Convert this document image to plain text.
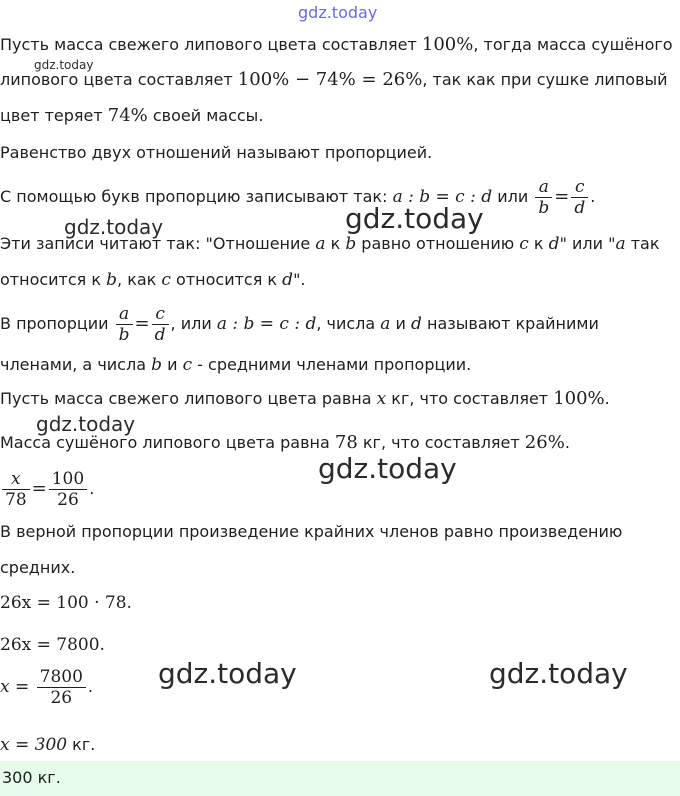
gdz.today
gdz.today
gdz.today	gdz.today
gdz.today
gdz.today
gdz.today	gdz.today
Пусть масса свежего липового цвета составляет 100%, тогда масса сушёного
липового цвета составляет 100% − 74% = 26%, так как при сушке липовый
цвет теряет 74% своей массы.
Равенство двух отношений называют пропорцией.
С помощью букв пропорцию записывают так: a : b = c : d или $\frac{a}{b} = \frac{c}{d}$ .
Эти записи читают так: "Отношение a к b равно отношению c к d" или "a так
относится к b, как c относится к d".
В пропорции $\frac{a}{b} = \frac{c}{d}$ , или a : b = c : d, числа a и d называют крайними
членами, а числа b и c - средними членами пропорции.
Пусть масса свежего липового цвета равна x кг, что составляет 100%.
Масса сушёного липового цвета равна 78 кг, что составляет 26%.
$\frac{x}{78} = \frac{100}{26}$ .
В верной пропорции произведение крайних членов равно произведению
средних.
26x = 100 · 78.
26x = 7800.
$x = \frac{7800}{26}$ .
x = 300 кг.
300 кг.
